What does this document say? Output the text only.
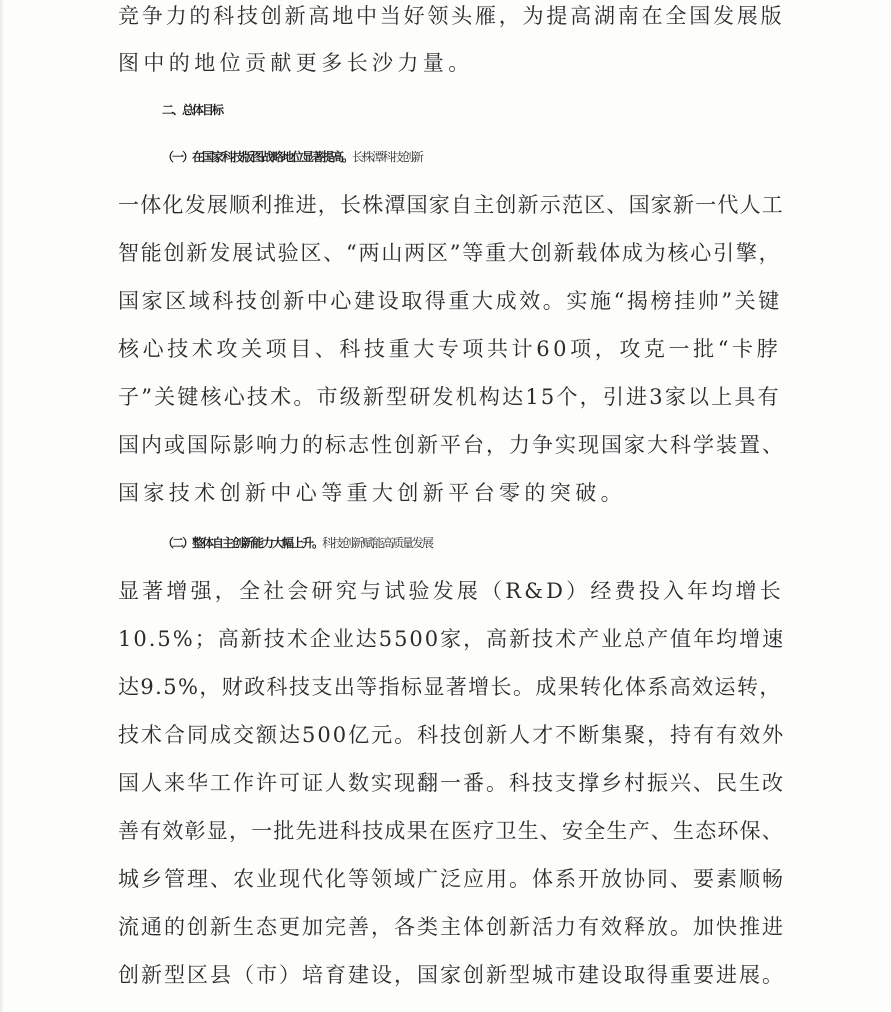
竞争力的科技创新高地中当好领头雁，为提高湖南在全国发展版
图中的地位贡献更多长沙力量。
二、总体目标
（一）在国家科技版图战略地位显著提高。长株潭科技创新
一体化发展顺利推进，长株潭国家自主创新示范区、国家新一代人工
智能创新发展试验区、“两山两区”等重大创新载体成为核心引擎，
国家区域科技创新中心建设取得重大成效。实施“揭榜挂帅”关键
核心技术攻关项目、科技重大专项共计60项，攻克一批“卡脖
子”关键核心技术。市级新型研发机构达15个，引进3家以上具有
国内或国际影响力的标志性创新平台，力争实现国家大科学装置、
国家技术创新中心等重大创新平台零的突破。
（二）整体自主创新能力大幅上升。科技创新赋能高质量发展
显著增强，全社会研究与试验发展（R&D）经费投入年均增长
10.5%；高新技术企业达5500家，高新技术产业总产值年均增速
达9.5%，财政科技支出等指标显著增长。成果转化体系高效运转，
技术合同成交额达500亿元。科技创新人才不断集聚，持有有效外
国人来华工作许可证人数实现翻一番。科技支撑乡村振兴、民生改
善有效彰显，一批先进科技成果在医疗卫生、安全生产、生态环保、
城乡管理、农业现代化等领域广泛应用。体系开放协同、要素顺畅
流通的创新生态更加完善，各类主体创新活力有效释放。加快推进
创新型区县（市）培育建设，国家创新型城市建设取得重要进展。
